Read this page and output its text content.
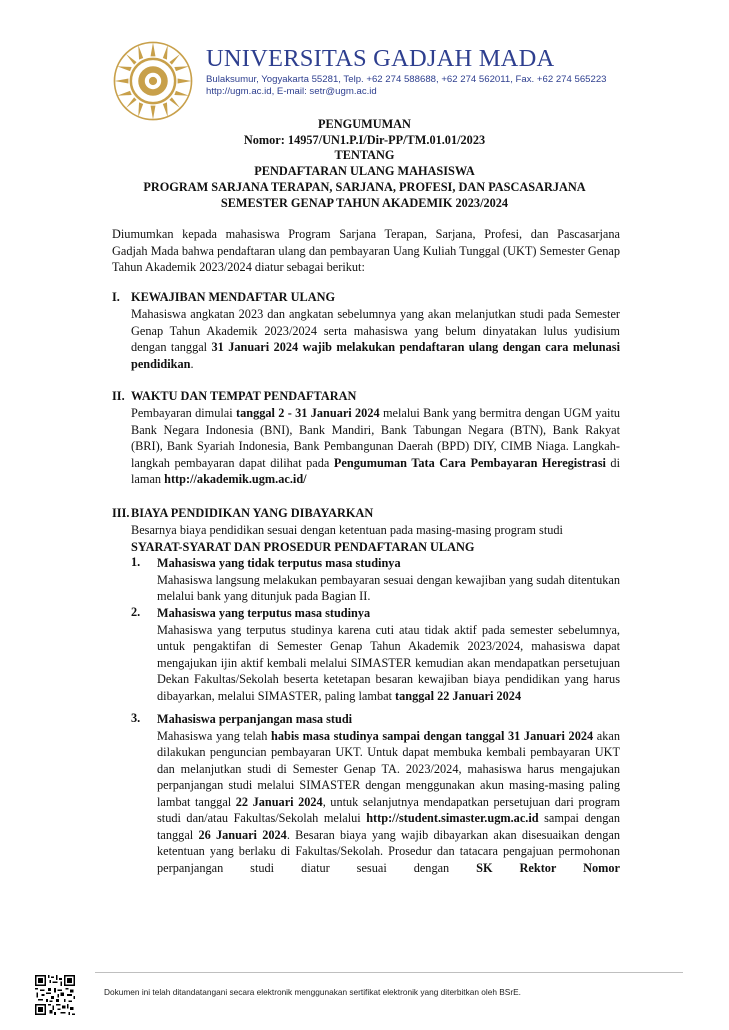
UNIVERSITAS GADJAH MADA
Bulaksumur, Yogyakarta 55281, Telp. +62 274 588688, +62 274 562011, Fax. +62 274 565223
http://ugm.ac.id, E-mail: setr@ugm.ac.id
PENGUMUMAN
Nomor: 14957/UN1.P.I/Dir-PP/TM.01.01/2023
TENTANG
PENDAFTARAN ULANG MAHASISWA
PROGRAM SARJANA TERAPAN, SARJANA, PROFESI, DAN PASCASARJANA
SEMESTER GENAP TAHUN AKADEMIK 2023/2024
Diumumkan kepada mahasiswa Program Sarjana Terapan, Sarjana, Profesi, dan Pascasarjana
Gadjah Mada bahwa pendaftaran ulang dan pembayaran Uang Kuliah Tunggal (UKT) Semester Genap
Tahun Akademik 2023/2024 diatur sebagai berikut:
I. KEWAJIBAN MENDAFTAR ULANG
Mahasiswa angkatan 2023 dan angkatan sebelumnya yang akan melanjutkan studi pada Semester
Genap Tahun Akademik 2023/2024 serta mahasiswa yang belum dinyatakan lulus yudisium
dengan tanggal 31 Januari 2024 wajib melakukan pendaftaran ulang dengan cara melunasi
pendidikan.
II. WAKTU DAN TEMPAT PENDAFTARAN
Pembayaran dimulai tanggal 2 - 31 Januari 2024 melalui Bank yang bermitra dengan UGM yaitu
Bank Negara Indonesia (BNI), Bank Mandiri, Bank Tabungan Negara (BTN), Bank Rakyat
(BRI), Bank Syariah Indonesia, Bank Pembangunan Daerah (BPD) DIY, CIMB Niaga. Langkah-
langkah pembayaran dapat dilihat pada Pengumuman Tata Cara Pembayaran Heregistrasi di
laman http://akademik.ugm.ac.id/
III. BIAYA PENDIDIKAN YANG DIBAYARKAN
Besarnya biaya pendidikan sesuai dengan ketentuan pada masing-masing program studi
SYARAT-SYARAT DAN PROSEDUR PENDAFTARAN ULANG
1. Mahasiswa yang tidak terputus masa studinya
Mahasiswa langsung melakukan pembayaran sesuai dengan kewajiban yang sudah ditentukan
melalui bank yang ditunjuk pada Bagian II.
2. Mahasiswa yang terputus masa studinya
Mahasiswa yang terputus studinya karena cuti atau tidak aktif pada semester sebelumnya,
untuk pengaktifan di Semester Genap Tahun Akademik 2023/2024, mahasiswa dapat
mengajukan ijin aktif kembali melalui SIMASTER kemudian akan mendapatkan persetujuan
Dekan Fakultas/Sekolah beserta ketetapan besaran kewajiban biaya pendidikan yang harus
dibayarkan, melalui SIMASTER, paling lambat tanggal 22 Januari 2024
3. Mahasiswa perpanjangan masa studi
Mahasiswa yang telah habis masa studinya sampai dengan tanggal 31 Januari 2024 akan
dilakukan penguncian pembayaran UKT. Untuk dapat membuka kembali pembayaran UKT
dan melanjutkan studi di Semester Genap TA. 2023/2024, mahasiswa harus mengajukan
perpanjangan studi melalui SIMASTER dengan menggunakan akun masing-masing paling
lambat tanggal 22 Januari 2024, untuk selanjutnya mendapatkan persetujuan dari program
studi dan/atau Fakultas/Sekolah melalui http://student.simaster.ugm.ac.id sampai dengan
tanggal 26 Januari 2024. Besaran biaya yang wajib dibayarkan akan disesuaikan dengan
ketentuan yang berlaku di Fakultas/Sekolah. Prosedur dan tatacara pengajuan permohonan
perpanjangan studi diatur sesuai dengan SK Rektor Nomor
Dokumen ini telah ditandatangani secara elektronik menggunakan sertifikat elektronik yang diterbitkan oleh BSrE.
